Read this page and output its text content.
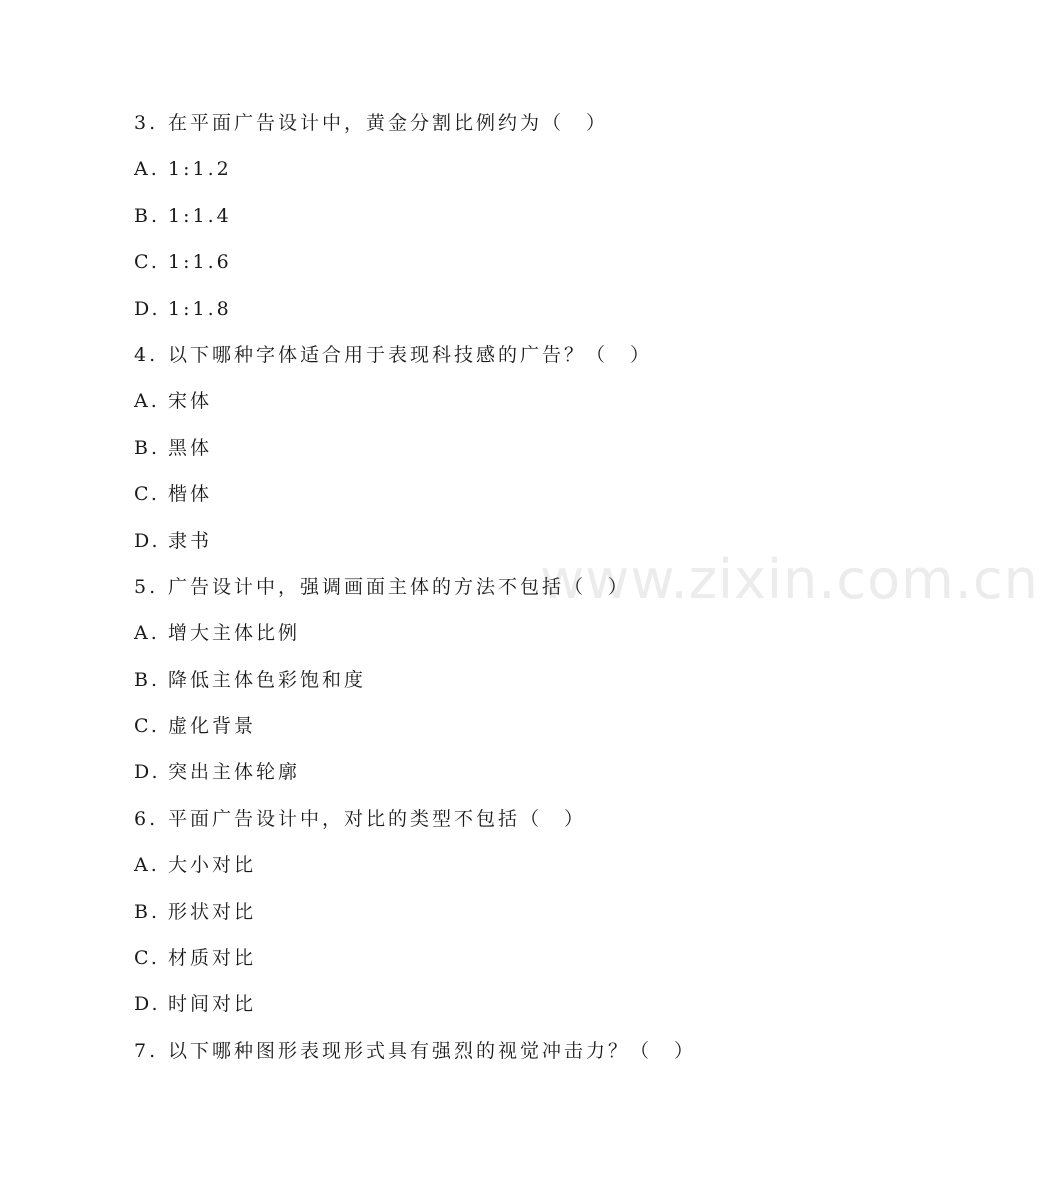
www.zixin.com.cn
3. 在平面广告设计中，黄金分割比例约为（　）
A. 1:1.2
B. 1:1.4
C. 1:1.6
D. 1:1.8
4. 以下哪种字体适合用于表现科技感的广告？（　）
A. 宋体
B. 黑体
C. 楷体
D. 隶书
5. 广告设计中，强调画面主体的方法不包括（　）
A. 增大主体比例
B. 降低主体色彩饱和度
C. 虚化背景
D. 突出主体轮廓
6. 平面广告设计中，对比的类型不包括（　）
A. 大小对比
B. 形状对比
C. 材质对比
D. 时间对比
7. 以下哪种图形表现形式具有强烈的视觉冲击力？（　）
